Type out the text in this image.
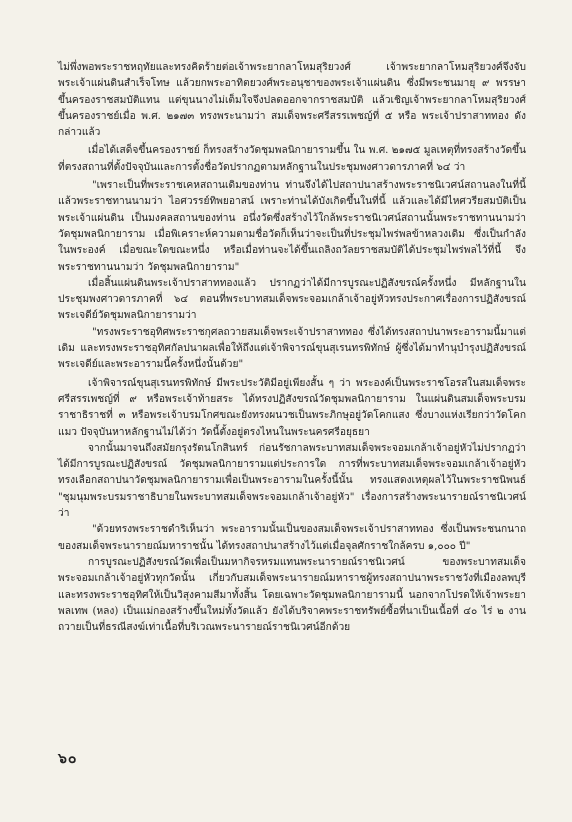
ไม่พึ่งพอพระราชหฤทัยและทรงคิดร้ายต่อเจ้าพระยากลาโหมสุริยวงศ์ เจ้าพระยากลาโหมสุริยวงศ์จึงจับพระเจ้าแผ่นดินสำเร็จโทษ แล้วยกพระอาทิตยวงศ์พระอนุชาของพระเจ้าแผ่นดิน ซึ่งมีพระชนมายุ ๙ พรรษา ขึ้นครองราชสมบัติแทน แต่ขุนนางไม่เต็มใจจึงปลดออกจากราชสมบัติ แล้วเชิญเจ้าพระยากลาโหมสุริยวงศ์ขึ้นครองราชย์เมื่อ พ.ศ. ๒๑๗๓ ทรงพระนามว่า สมเด็จพระศรีสรรเพชญ์ที่ ๕ หรือ พระเจ้าปราสาททอง ดังกล่าวแล้ว

เมื่อได้เสด็จขึ้นครองราชย์ ก็ทรงสร้างวัดชุมพลนิกายารามขึ้น ใน พ.ศ. ๒๑๗๕ มูลเหตุที่ทรงสร้างวัดขึ้นที่ตรงสถานที่ตั้งปัจจุบันและการตั้งชื่อวัดปรากฏตามหลักฐานในประชุมพงศาวดารภาคที่ ๖๔ ว่า

"เพราะเป็นที่พระราชเคหสถานเดิมของท่าน ท่านจึงได้ไปสถาปนาสร้างพระราชนิเวศน์สถานลงในที่นี้ แล้วพระราชทานนามว่า ไอศวรรย์ทิพยอาสน์ เพราะท่านได้บังเกิดขึ้นในที่นี้ แล้วและได้มีไหศวรียสมบัติเป็นพระเจ้าแผ่นดิน เป็นมงคลสถานของท่าน อนึ่งวัดซึ่งสร้างไว้ใกล้พระราชนิเวศน์สถานนั้นพระราชทานนามว่า วัดชุมพลนิกายาราม เมื่อพิเคราะห์ความตามชื่อวัดก็เห็นว่าจะเป็นที่ประชุมไพร่พลข้าหลวงเดิม ซึ่งเป็นกำลังในพระองค์ เมื่อขณะใดขณะหนึ่ง หรือเมื่อท่านจะได้ขึ้นเถลิงถวัลยราชสมบัติได้ประชุมไพร่พลไว้ที่นี้ จึงพระราชทานนามว่า วัดชุมพลนิกายาราม"

เมื่อสิ้นแผ่นดินพระเจ้าปราสาททองแล้ว ปรากฏว่าได้มีการบูรณะปฏิสังขรณ์ครั้งหนึ่ง มีหลักฐานในประชุมพงศาวดารภาคที่ ๖๔ ตอนที่พระบาทสมเด็จพระจอมเกล้าเจ้าอยู่หัวทรงประกาศเรื่องการปฏิสังขรณ์พระเจดีย์วัดชุมพลนิกายารามว่า

"ทรงพระราชอุทิศพระราชกุศลถวายสมเด็จพระเจ้าปราสาททอง ซึ่งได้ทรงสถาปนาพระอารามนี้มาแต่เดิม และทรงพระราชอุทิศกัลปนาผลเพื่อให้ถึงแต่เจ้าพิจารณ์ขุนสุเรนทรพิทักษ์ ผู้ซึ่งได้มาทำนุบำรุงปฏิสังขรณ์พระเจดีย์และพระอารามนี้ครั้งหนึ่งนั้นด้วย"

เจ้าพิจารณ์ขุนสุเรนทรพิทักษ์ มีพระประวัติมีอยู่เพียงสั้น ๆ ว่า พระองค์เป็นพระราชโอรสในสมเด็จพระศรีสรรเพชญ์ที่ ๙ หรือพระเจ้าท้ายสระ ได้ทรงปฏิสังขรณ์วัดชุมพลนิกายาราม ในแผ่นดินสมเด็จพระบรมราชาธิราชที่ ๓ หรือพระเจ้าบรมโกศขณะยังทรงผนวชเป็นพระภิกษุอยู่วัดโคกแสง ซึ่งบางแห่งเรียกว่าวัดโคกแมว ปัจจุบันหาหลักฐานไม่ได้ว่า วัดนี้ตั้งอยู่ตรงไหนในพระนครศรีอยุธยา

จากนั้นมาจนถึงสมัยกรุงรัตนโกสินทร์ ก่อนรัชกาลพระบาทสมเด็จพระจอมเกล้าเจ้าอยู่หัวไม่ปรากฏว่าได้มีการบูรณะปฏิสังขรณ์ วัดชุมพลนิกายารามแต่ประการใด การที่พระบาทสมเด็จพระจอมเกล้าเจ้าอยู่หัว ทรงเลือกสถาปนาวัดชุมพลนิกายารามเพื่อเป็นพระอารามในครั้งนี้นั้น ทรงแสดงเหตุผลไว้ในพระราชนิพนธ์ "ชุมนุมพระบรมราชาธิบายในพระบาทสมเด็จพระจอมเกล้าเจ้าอยู่หัว" เรื่องการสร้างพระนารายณ์ราชนิเวศน์ว่า

"ด้วยทรงพระราชดำริเห็นว่า พระอารามนั้นเป็นของสมเด็จพระเจ้าปราสาททอง ซึ่งเป็นพระชนกนาถของสมเด็จพระนารายณ์มหาราชนั้น ได้ทรงสถาปนาสร้างไว้แต่เมื่อจุลศักราชใกล้ครบ ๑,๐๐๐ ปี"

การบูรณะปฏิสังขรณ์วัดเพื่อเป็นมหากิจรหรมแทนพระนารายณ์ราชนิเวศน์ ของพระบาทสมเด็จพระจอมเกล้าเจ้าอยู่หัวทุกวัดนั้น เกี่ยวกับสมเด็จพระนารายณ์มหาราชผู้ทรงสถาปนาพระราชวังที่เมืองลพบุรี และทรงพระราชอุทิศให้เป็นวิสุงคามสีมาทั้งสิ้น โดยเฉพาะวัดชุมพลนิกายารามนี้ นอกจากโปรดให้เจ้าพระยาพลเทพ (หลง) เป็นแม่กองสร้างขึ้นใหม่ทั้งวัดแล้ว ยังได้บริจาคพระราชทรัพย์ซื้อที่นาเป็นเนื้อที่ ๔๐ ไร่ ๒ งาน ถวายเป็นที่ธรณีสงฆ์เท่าเนื้อที่บริเวณพระนารายณ์ราชนิเวศน์อีกด้วย

๖๐
